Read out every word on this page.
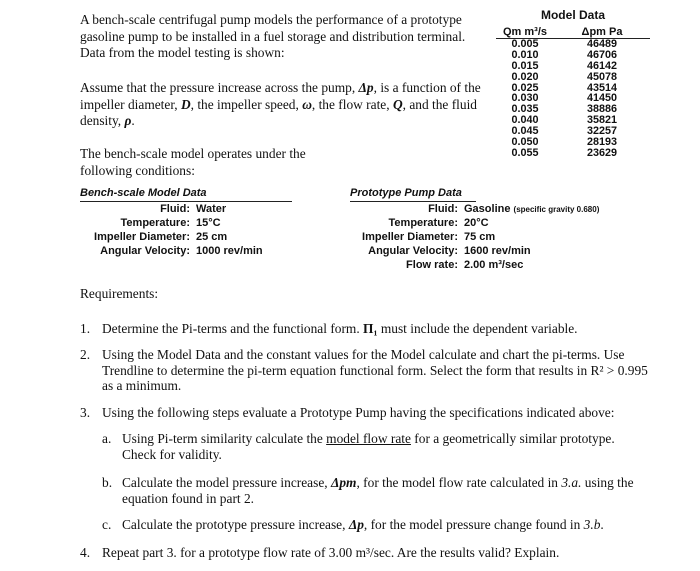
A bench-scale centrifugal pump models the performance of a prototype gasoline pump to be installed in a fuel storage and distribution terminal. Data from the model testing is shown:

Assume that the pressure increase across the pump, Δp, is a function of the impeller diameter, D, the impeller speed, ω, the flow rate, Q, and the fluid density, ρ.

The bench-scale model operates under the following conditions:

Model Data
Qm m³/s	Δpm Pa
0.005	46489
0.010	46706
0.015	46142
0.020	45078
0.025	43514
0.030	41450
0.035	38886
0.040	35821
0.045	32257
0.050	28193
0.055	23629
Bench-scale Model Data
Fluid: Water
Temperature: 15°C
Impeller Diameter: 25 cm
Angular Velocity: 1000 rev/min
Prototype Pump Data
Fluid: Gasoline (specific gravity 0.680)
Temperature: 20°C
Impeller Diameter: 75 cm
Angular Velocity: 1600 rev/min
Flow rate: 2.00 m³/sec
Requirements:
1. Determine the Pi-terms and the functional form. Π₁ must include the dependent variable.
2. Using the Model Data and the constant values for the Model calculate and chart the pi-terms. Use Trendline to determine the pi-term equation functional form. Select the form that results in R² > 0.995 as a minimum.
3. Using the following steps evaluate a Prototype Pump having the specifications indicated above:
a. Using Pi-term similarity calculate the model flow rate for a geometrically similar prototype. Check for validity.
b. Calculate the model pressure increase, Δpm, for the model flow rate calculated in 3.a. using the equation found in part 2.
c. Calculate the prototype pressure increase, Δp, for the model pressure change found in 3.b.
4. Repeat part 3. for a prototype flow rate of 3.00 m³/sec. Are the results valid? Explain.
